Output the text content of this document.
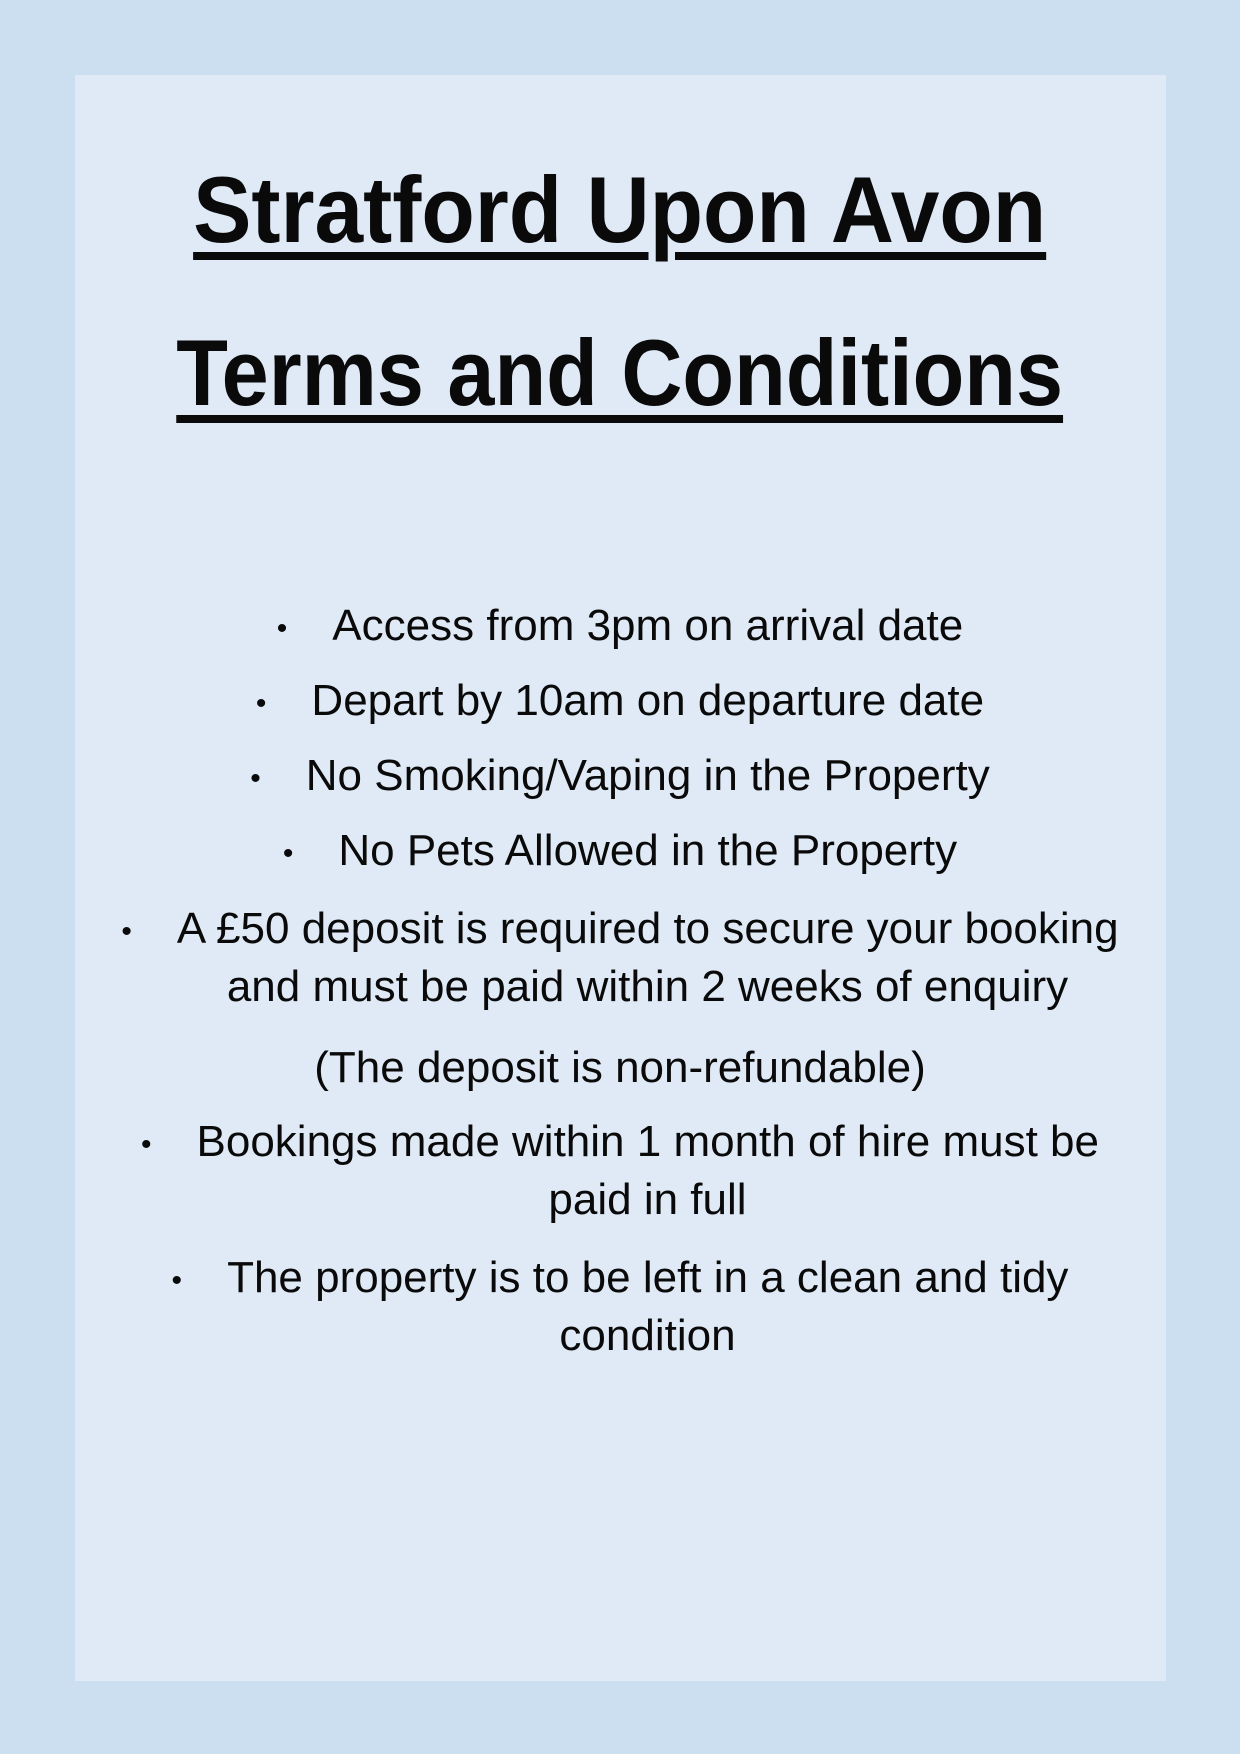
Stratford Upon Avon
Terms and Conditions
• Access from 3pm on arrival date
• Depart by 10am on departure date
• No Smoking/Vaping in the Property
• No Pets Allowed in the Property
• A £50 deposit is required to secure your booking
and must be paid within 2 weeks of enquiry
(The deposit is non-refundable)
• Bookings made within 1 month of hire must be
paid in full
• The property is to be left in a clean and tidy
condition
